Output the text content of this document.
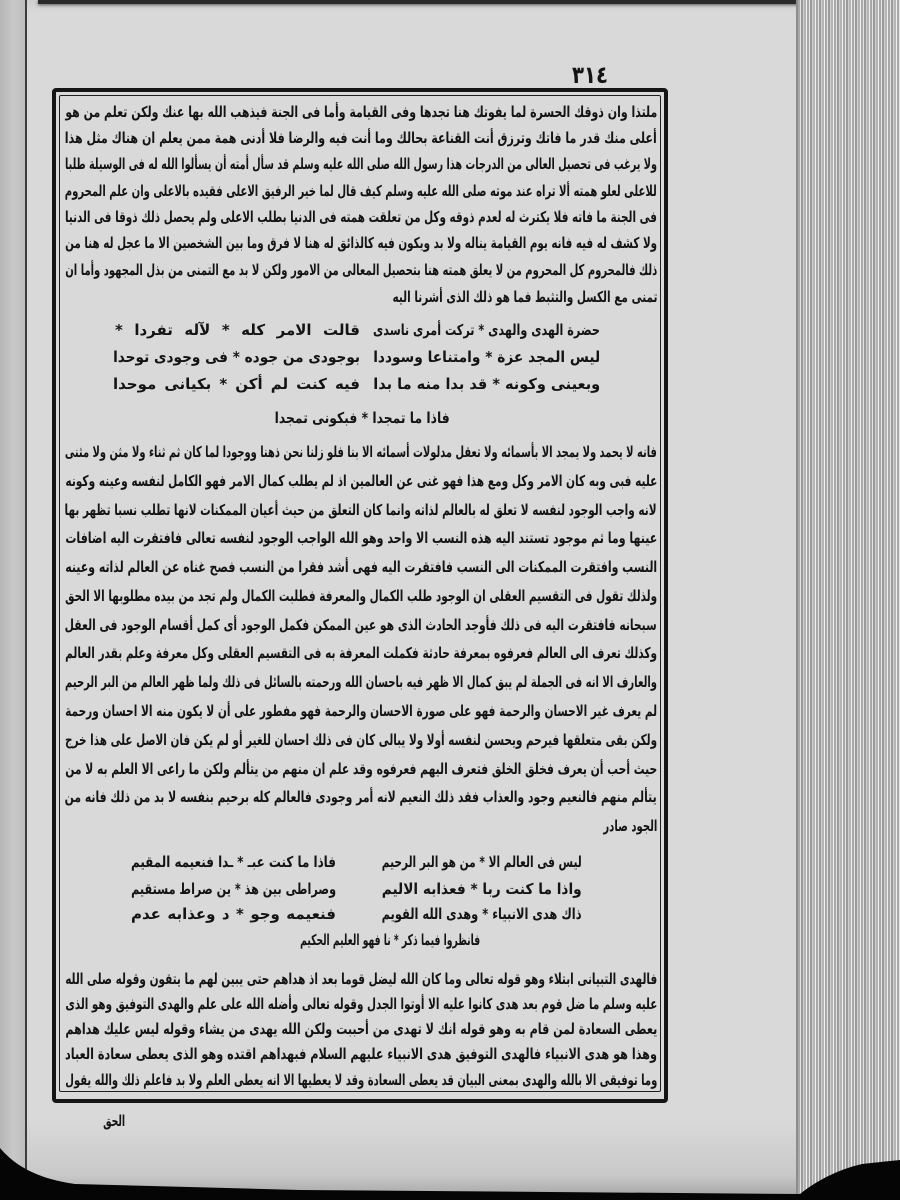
٣١٤
ملتذا وان ذوقك الحسرة لما يفوتك هنا تجدها وفى القيامة وأما فى الجنة فيذهب الله بها عنك ولكن تعلم من هو
أعلى منك قدر ما فاتك وترزق أنت القناعة بحالك وما أنت فيه والرضا فلا أدنى همة ممن يعلم ان هناك مثل هذا
ولا يرغب فى تحصيل العالى من الدرجات هذا رسول الله صلى الله عليه وسلم قد سأل أمته أن يسألوا الله له فى الوسيلة طلبا
للاعلى لعلو همته ألا تراه عند موته صلى الله عليه وسلم كيف قال لما خير الرفيق الاعلى فقيده بالاعلى وان علم المحروم
فى الجنة ما فاته فلا يكترث له لعدم ذوقه وكل من تعلقت همته فى الدنيا بطلب الاعلى ولم يحصل ذلك ذوقا فى الدنيا
ولا كشف له فيه فانه يوم القيامة يناله ولا بد ويكون فيه كالذائق له هنا لا فرق وما بين الشخصين الا ما عجل له هنا من
ذلك فالمحروم كل المحروم من لا يعلق همته هنا بتحصيل المعالى من الامور ولكن لا بد مع التمنى من بذل المجهود وأما ان
تمنى مع الكسل والتثبط فما هو ذلك الذى أشرنا اليه
حضرة الهدى والهدى * تركت أمرى ناسدى
قالت الامر كله * لآله تفردا *
ليس المجد عزة * وامتناعا وسوددا
بوجودى من جوده * فى وجودى توحدا
وبعينى وكونه * قد بدا منه ما بدا
فيه كنت لم أكن * بكيانى موحدا
فاذا ما تمجدا * فبكونى تمجدا
فانه لا يحمد ولا يمجد الا بأسمائه ولا تعقل مدلولات أسمائه الا بنا فلو زلنا نحن ذهنا ووجودا لما كان ثم ثناء ولا مثن ولا مثنى
عليه فبى وبه كان الامر وكل ومع هذا فهو غنى عن العالمين اذ لم يطلب كمال الامر فهو الكامل لنفسه وعينه وكونه
لانه واجب الوجود لنفسه لا تعلق له بالعالم لذاته وانما كان التعلق من حيث أعيان الممكنات لانها تطلب نسبا تظهر بها
عينها وما ثم موجود تستند اليه هذه النسب الا واحد وهو الله الواجب الوجود لنفسه تعالى فافتقرت اليه اضافات
النسب وافتقرت الممكنات الى النسب فافتقرت اليه فهى أشد فقرا من النسب فصح غناه عن العالم لذاته وعينه
ولذلك تقول فى التقسيم العقلى ان الوجود طلب الكمال والمعرفة فطلبت الكمال ولم تجد من بيده مطلوبها الا الحق
سبحانه فافتقرت اليه فى ذلك فأوجد الحادث الذى هو عين الممكن فكمل الوجود أى كمل أقسام الوجود فى العقل
وكذلك تعرف الى العالم فعرفوه بمعرفة حادثة فكملت المعرفة به فى التقسيم العقلى وكل معرفة وعلم بقدر العالم
والعارف الا انه فى الجملة لم يبق كمال الا ظهر فيه باحسان الله ورحمته بالسائل فى ذلك ولما ظهر العالم من البر الرحيم
لم يعرف غير الاحسان والرحمة فهو على صورة الاحسان والرحمة فهو مفطور على أن لا يكون منه الا احسان ورحمة
ولكن بقى متعلقها فيرحم ويحسن لنفسه أولا ولا يبالى كان فى ذلك احسان للغير أو لم يكن فان الاصل على هذا خرج
حيث أحب أن يعرف فخلق الخلق فتعرف اليهم فعرفوه وقد علم ان منهم من يتألم ولكن ما راعى الا العلم به لا من
يتألم منهم فالنعيم وجود والعذاب فقد ذلك النعيم لانه أمر وجودى فالعالم كله برحيم بنفسه لا بد من ذلك فانه من
الجود صادر
ليس فى العالم الا * من هو البر الرحيم
فاذا ما كنت عبـ * ـدا فنعيمه المقيم
واذا ما كنت ربا * فعذابه الاليم
وصراطى بين هذ * ين صراط مستقيم
ذاك هدى الانبياء * وهدى الله القويم
فنعيمه وجو * د وعذابه عدم
فانظروا فيما ذكر * نا فهو العليم الحكيم
فالهدى التبيانى ابتلاء وهو قوله تعالى وما كان الله ليضل قوما بعد اذ هداهم حتى يبين لهم ما يتقون وقوله صلى الله
عليه وسلم ما ضل قوم بعد هدى كانوا عليه الا أوتوا الجدل وقوله تعالى وأضله الله على علم والهدى التوفيق وهو الذى
يعطى السعادة لمن قام به وهو قوله انك لا تهدى من أحببت ولكن الله يهدى من يشاء وقوله ليس عليك هداهم
وهذا هو هدى الانبياء فالهدى التوفيق هدى الانبياء عليهم السلام فبهداهم اقتده وهو الذى يعطى سعادة العباد
وما توفيقى الا بالله والهدى بمعنى البيان قد يعطى السعادة وقد لا يعطيها الا انه يعطى العلم ولا بد فاعلم ذلك والله يقول
الحق
